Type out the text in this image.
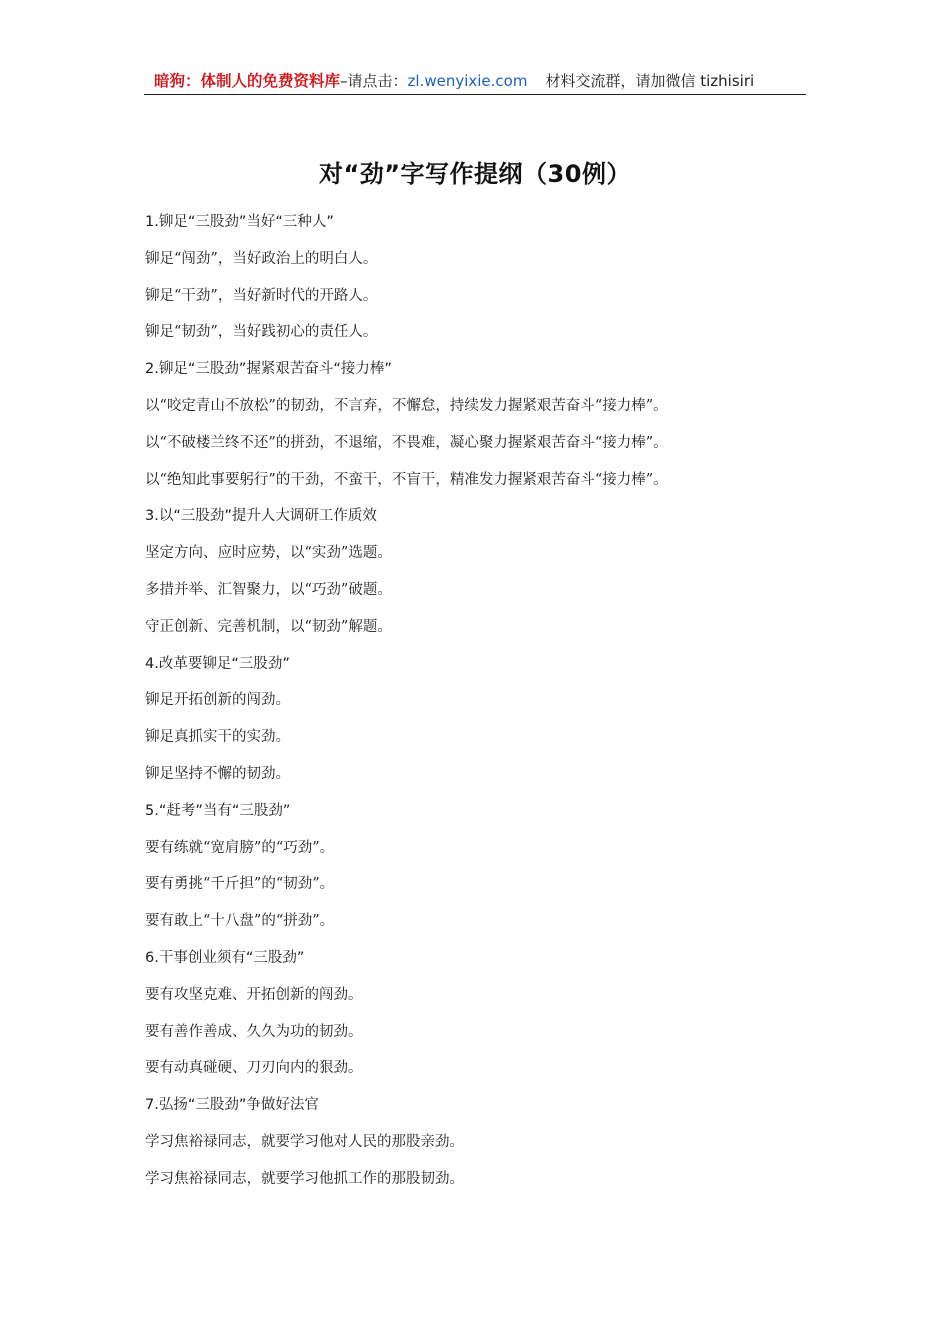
暗狗：体制人的免费资料库–请点击：zl.wenyixie.com 材料交流群，请加微信 tizhisiri
对“劲”字写作提纲（30例）
1.铆足“三股劲”当好“三种人”
铆足“闯劲”，当好政治上的明白人。
铆足“干劲”，当好新时代的开路人。
铆足“韧劲”，当好践初心的责任人。
2.铆足“三股劲”握紧艰苦奋斗“接力棒”
以“咬定青山不放松”的韧劲，不言弃，不懈怠，持续发力握紧艰苦奋斗“接力棒”。
以“不破楼兰终不还”的拼劲，不退缩，不畏难，凝心聚力握紧艰苦奋斗“接力棒”。
以“绝知此事要躬行”的干劲，不蛮干，不盲干，精准发力握紧艰苦奋斗“接力棒”。
3.以“三股劲”提升人大调研工作质效
坚定方向、应时应势，以“实劲”选题。
多措并举、汇智聚力，以“巧劲”破题。
守正创新、完善机制，以“韧劲”解题。
4.改革要铆足“三股劲”
铆足开拓创新的闯劲。
铆足真抓实干的实劲。
铆足坚持不懈的韧劲。
5.“赶考”当有“三股劲”
要有练就“宽肩膀”的“巧劲”。
要有勇挑“千斤担”的“韧劲”。
要有敢上“十八盘”的“拼劲”。
6.干事创业须有“三股劲”
要有攻坚克难、开拓创新的闯劲。
要有善作善成、久久为功的韧劲。
要有动真碰硬、刀刃向内的狠劲。
7.弘扬“三股劲”争做好法官
学习焦裕禄同志，就要学习他对人民的那股亲劲。
学习焦裕禄同志，就要学习他抓工作的那股韧劲。
